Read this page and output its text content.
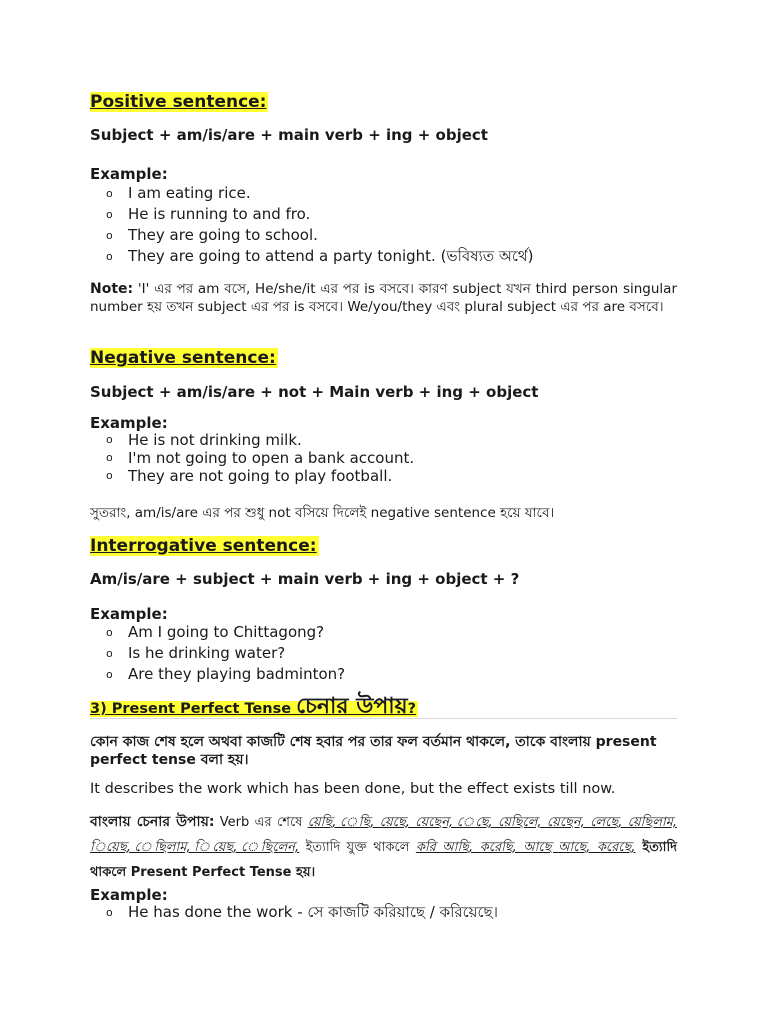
Positive sentence:
Subject + am/is/are + main verb + ing + object
Example:
o I am eating rice.
o He is running to and fro.
o They are going to school.
o They are going to attend a party tonight. (ভবিষ্যত অর্থে)
Note: 'I' এর পর am বসে, He/she/it এর পর is বসবে। কারণ subject যখন third person singular number হয় তখন subject এর পর is বসবে। We/you/they এবং plural subject এর পর are বসবে।
Negative sentence:
Subject + am/is/are + not + Main verb + ing + object
Example:
o He is not drinking milk.
o I'm not going to open a bank account.
o They are not going to play football.
সুতরাং, am/is/are এর পর শুধু not বসিয়ে দিলেই negative sentence হয়ে যাবে।
Interrogative sentence:
Am/is/are + subject + main verb + ing + object + ?
Example:
o Am I going to Chittagong?
o Is he drinking water?
o Are they playing badminton?
3) Present Perfect Tense চেনার উপায়?
কোন কাজ শেষ হলে অথবা কাজটি শেষ হবার পর তার ফল বর্তমান থাকলে, তাকে বাংলায় present perfect tense বলা হয়।
It describes the work which has been done, but the effect exists till now.
বাংলায় চেনার উপায়: Verb এর শেষে য়েছি, েছি, য়েছে, য়েছেন, েছে, য়েছিলে, য়েছেন, লেছে, য়েছিলাম, িয়েছ, েছিলাম, িয়েছ, েছিলেন, ইত্যাদি যুক্ত থাকলে করি আছি, করেছি, আছে আছে, করেছে, ইত্যাদি থাকলে Present Perfect Tense হয়।
Example:
o He has done the work - সে কাজটি করিয়াছে / করিয়েছে।
